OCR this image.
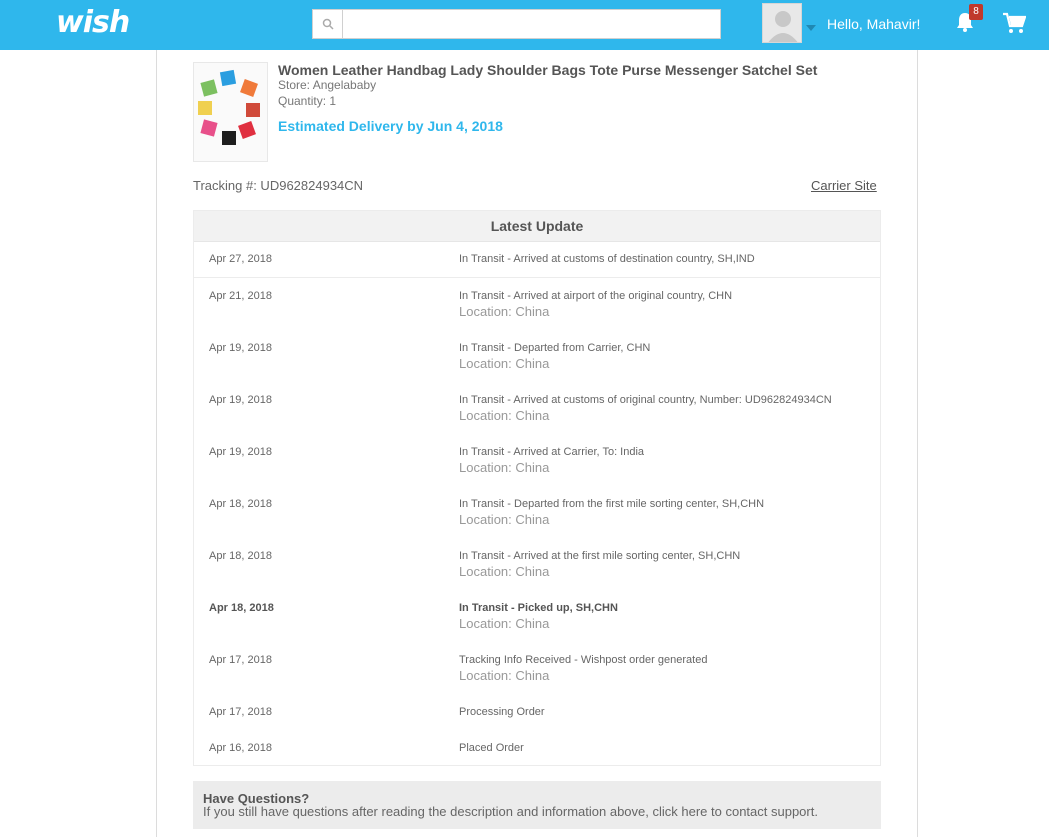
wish	Hello, Mahavir!
8
Women Leather Handbag Lady Shoulder Bags Tote Purse Messenger Satchel Set
Store: Angelababy
Quantity: 1
Estimated Delivery by Jun 4, 2018
Tracking #: UD962824934CN	Carrier Site
Latest Update
Apr 27, 2018	In Transit - Arrived at customs of destination country, SH,IND
Apr 21, 2018	In Transit - Arrived at airport of the original country, CHN
Location: China
Apr 19, 2018	In Transit - Departed from Carrier, CHN
Location: China
Apr 19, 2018	In Transit - Arrived at customs of original country, Number: UD962824934CN
Location: China
Apr 19, 2018	In Transit - Arrived at Carrier, To: India
Location: China
Apr 18, 2018	In Transit - Departed from the first mile sorting center, SH,CHN
Location: China
Apr 18, 2018	In Transit - Arrived at the first mile sorting center, SH,CHN
Location: China
Apr 18, 2018	In Transit - Picked up, SH,CHN
Location: China
Apr 17, 2018	Tracking Info Received - Wishpost order generated
Location: China
Apr 17, 2018	Processing Order
Apr 16, 2018	Placed Order
Have Questions?
If you still have questions after reading the description and information above, click here to contact support.
